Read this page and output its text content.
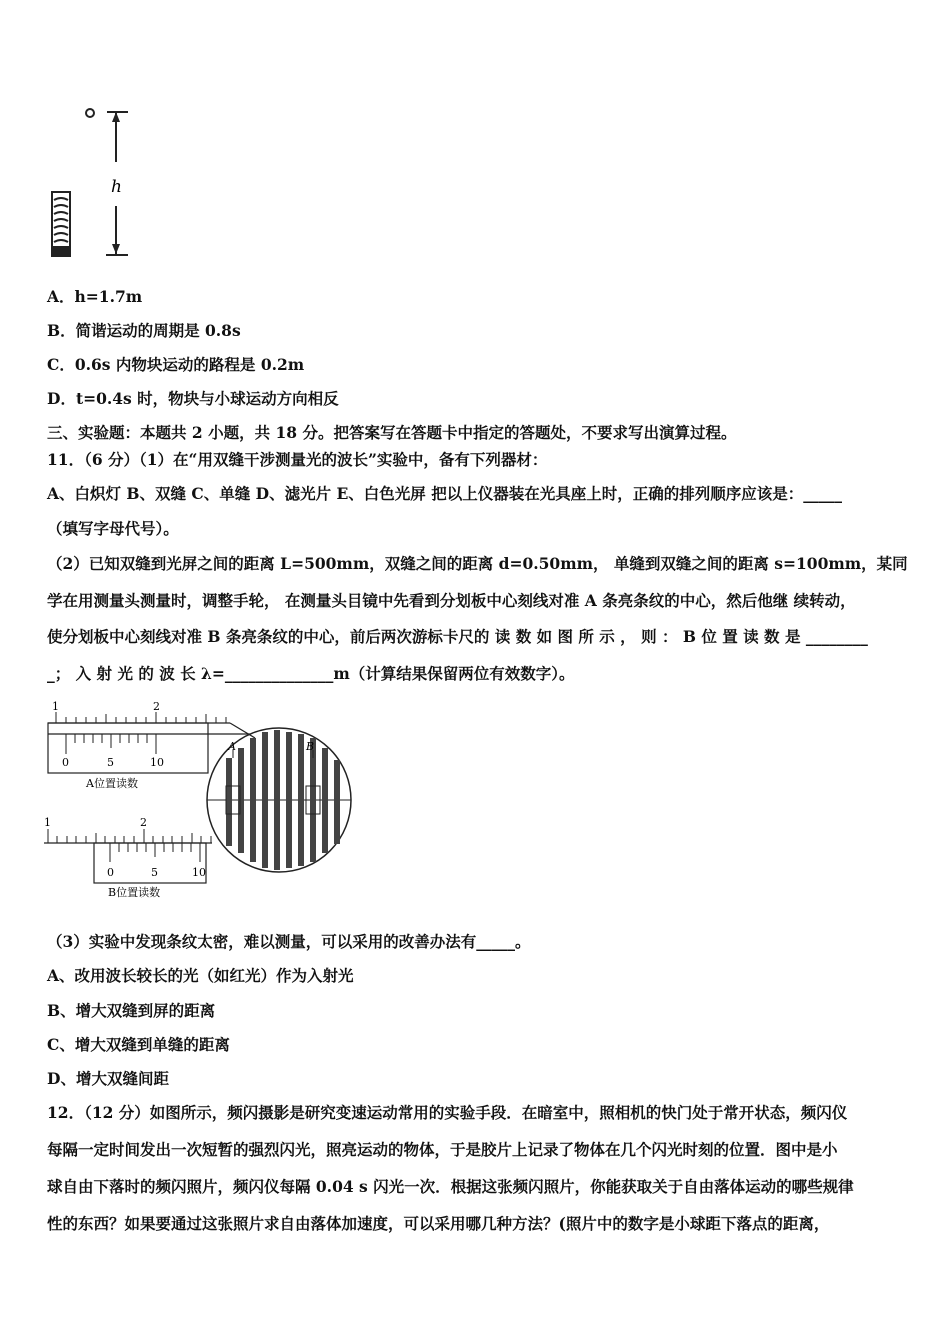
h
A．h=1.7m
B．简谐运动的周期是 0.8s
C．0.6s 内物块运动的路程是 0.2m
D．t=0.4s 时，物块与小球运动方向相反
三、实验题：本题共 2 小题，共 18 分。把答案写在答题卡中指定的答题处，不要求写出演算过程。
11．（6 分）（1）在“用双缝干涉测量光的波长”实验中，备有下列器材：
A、白炽灯 B、双缝 C、单缝 D、滤光片 E、白色光屏 把以上仪器装在光具座上时，正确的排列顺序应该是：_____
（填写字母代号）。
（2）已知双缝到光屏之间的距离 L=500mm，双缝之间的距离 d=0.50mm， 单缝到双缝之间的距离 s=100mm，某同
学在用测量头测量时，调整手轮， 在测量头目镜中先看到分划板中心刻线对准 A 条亮条纹的中心，然后他继 续转动，
使分划板中心刻线对准 B 条亮条纹的中心，前后两次游标卡尺的 读 数 如 图 所 示 ， 则 ： B 位 置 读 数 是 ________
_； 入 射 光 的 波 长 λ=______________m（计算结果保留两位有效数字）。
1	2
0	5	10
A位置读数
1	2
0	5	10
B位置读数
A	B
（3）实验中发现条纹太密，难以测量，可以采用的改善办法有_____。
A、改用波长较长的光（如红光）作为入射光
B、增大双缝到屏的距离
C、增大双缝到单缝的距离
D、增大双缝间距
12．（12 分）如图所示，频闪摄影是研究变速运动常用的实验手段．在暗室中，照相机的快门处于常开状态，频闪仪
每隔一定时间发出一次短暂的强烈闪光，照亮运动的物体，于是胶片上记录了物体在几个闪光时刻的位置．图中是小
球自由下落时的频闪照片，频闪仪每隔 0.04 s 闪光一次．根据这张频闪照片，你能获取关于自由落体运动的哪些规律
性的东西？如果要通过这张照片求自由落体加速度，可以采用哪几种方法？(照片中的数字是小球距下落点的距离，
